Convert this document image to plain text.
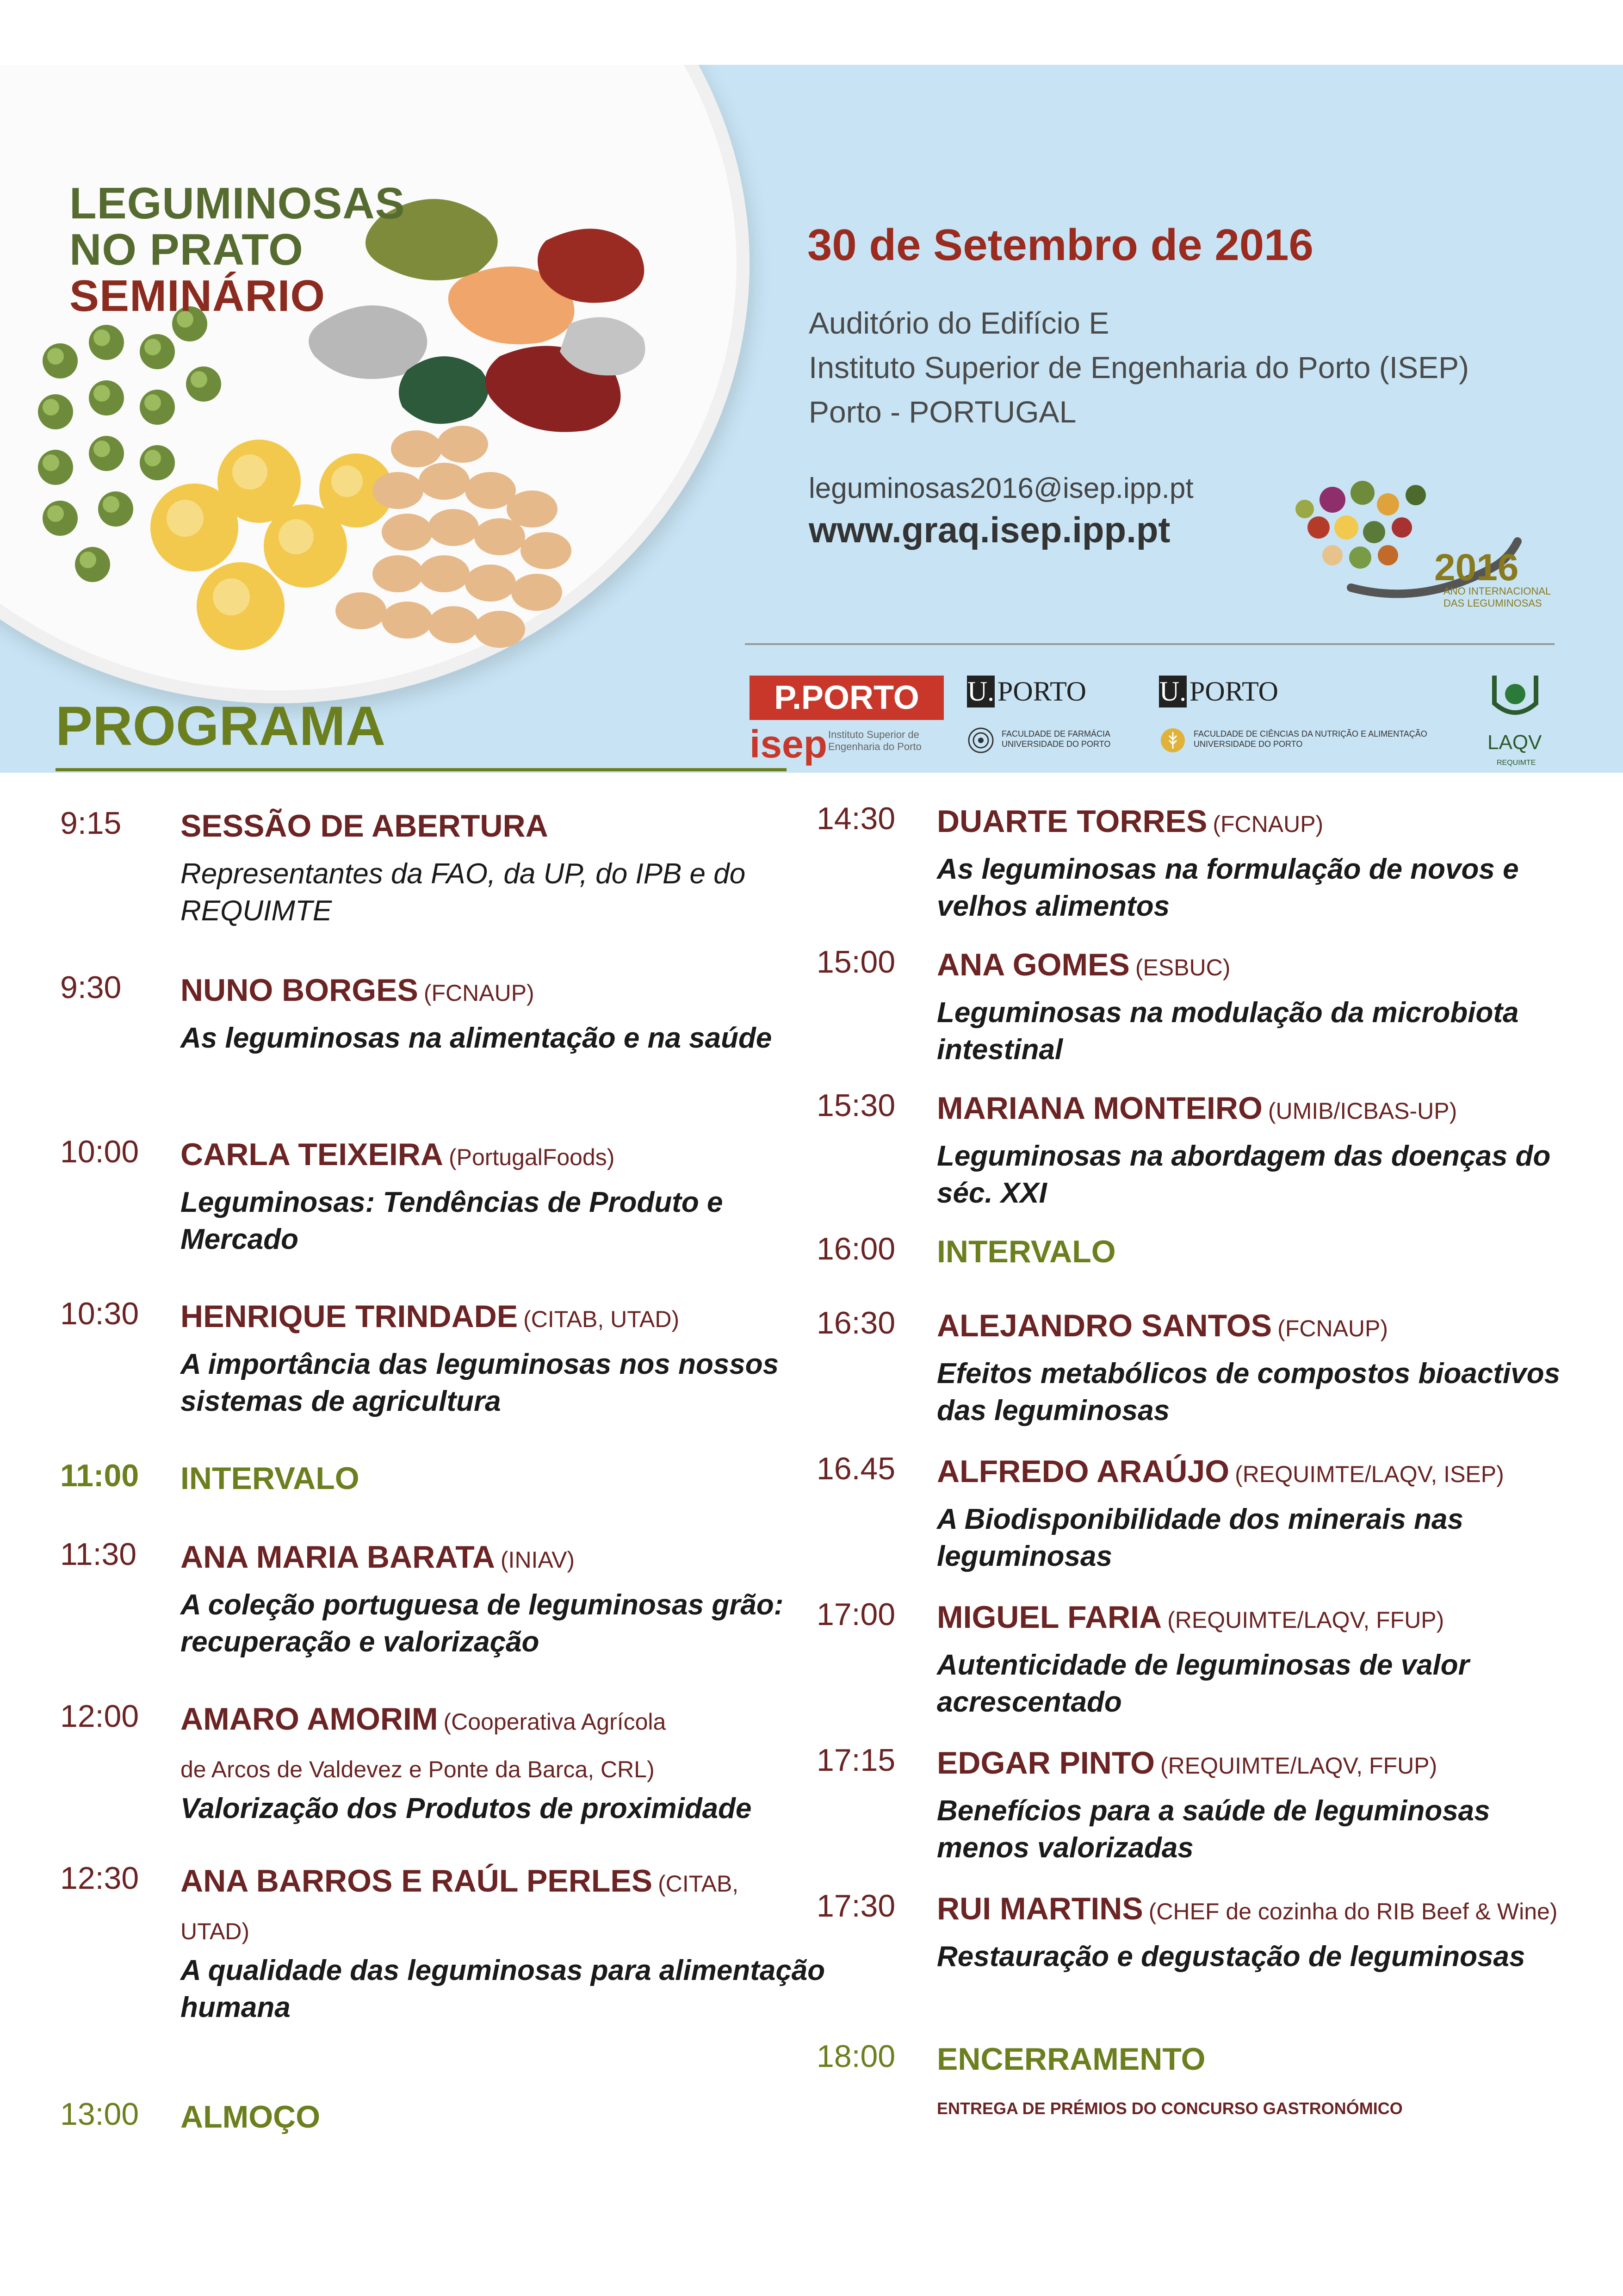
LEGUMINOSAS
NO PRATO
SEMINÁRIO
30 de Setembro de 2016
Auditório do Edifício E
Instituto Superior de Engenharia do Porto (ISEP)
Porto - PORTUGAL
leguminosas2016@isep.ipp.pt
www.graq.isep.ipp.pt
2016
ANO INTERNACIONAL
DAS LEGUMINOSAS
P.PORTO
isep Instituto Superior de Engenharia do Porto
U. PORTO
FACULDADE DE FARMÁCIA UNIVERSIDADE DO PORTO
U. PORTO
FACULDADE DE CIÊNCIAS DA NUTRIÇÃO E ALIMENTAÇÃO UNIVERSIDADE DO PORTO	LAQV
REQUIMTE
PROGRAMA
9:15 SESSÃO DE ABERTURA
Representantes da FAO, da UP, do IPB e do REQUIMTE
9:30 NUNO BORGES (FCNAUP)
As leguminosas na alimentação e na saúde
10:00 CARLA TEIXEIRA (PortugalFoods)
Leguminosas: Tendências de Produto e Mercado
10:30 HENRIQUE TRINDADE (CITAB, UTAD)
A importância das leguminosas nos nossos sistemas de agricultura
11:00 INTERVALO
11:30 ANA MARIA BARATA (INIAV)
A coleção portuguesa de leguminosas grão: recuperação e valorização
12:00 AMARO AMORIM (Cooperativa Agrícola
de Arcos de Valdevez e Ponte da Barca, CRL)
Valorização dos Produtos de proximidade
12:30 ANA BARROS E RAÚL PERLES (CITAB,
UTAD)
A qualidade das leguminosas para alimentação humana
13:00 ALMOÇO
14:30 DUARTE TORRES (FCNAUP)
As leguminosas na formulação de novos e velhos alimentos
15:00 ANA GOMES (ESBUC)
Leguminosas na modulação da microbiota intestinal
15:30 MARIANA MONTEIRO (UMIB/ICBAS-UP)
Leguminosas na abordagem das doenças do séc. XXI
16:00 INTERVALO
16:30 ALEJANDRO SANTOS (FCNAUP)
Efeitos metabólicos de compostos bioactivos das leguminosas
16.45 ALFREDO ARAÚJO (REQUIMTE/LAQV, ISEP)
A Biodisponibilidade dos minerais nas leguminosas
17:00 MIGUEL FARIA (REQUIMTE/LAQV, FFUP)
Autenticidade de leguminosas de valor acrescentado
17:15 EDGAR PINTO (REQUIMTE/LAQV, FFUP)
Benefícios para a saúde de leguminosas menos valorizadas
17:30 RUI MARTINS (CHEF de cozinha do RIB Beef & Wine)
Restauração e degustação de leguminosas
18:00 ENCERRAMENTO
ENTREGA DE PRÉMIOS DO CONCURSO GASTRONÓMICO
